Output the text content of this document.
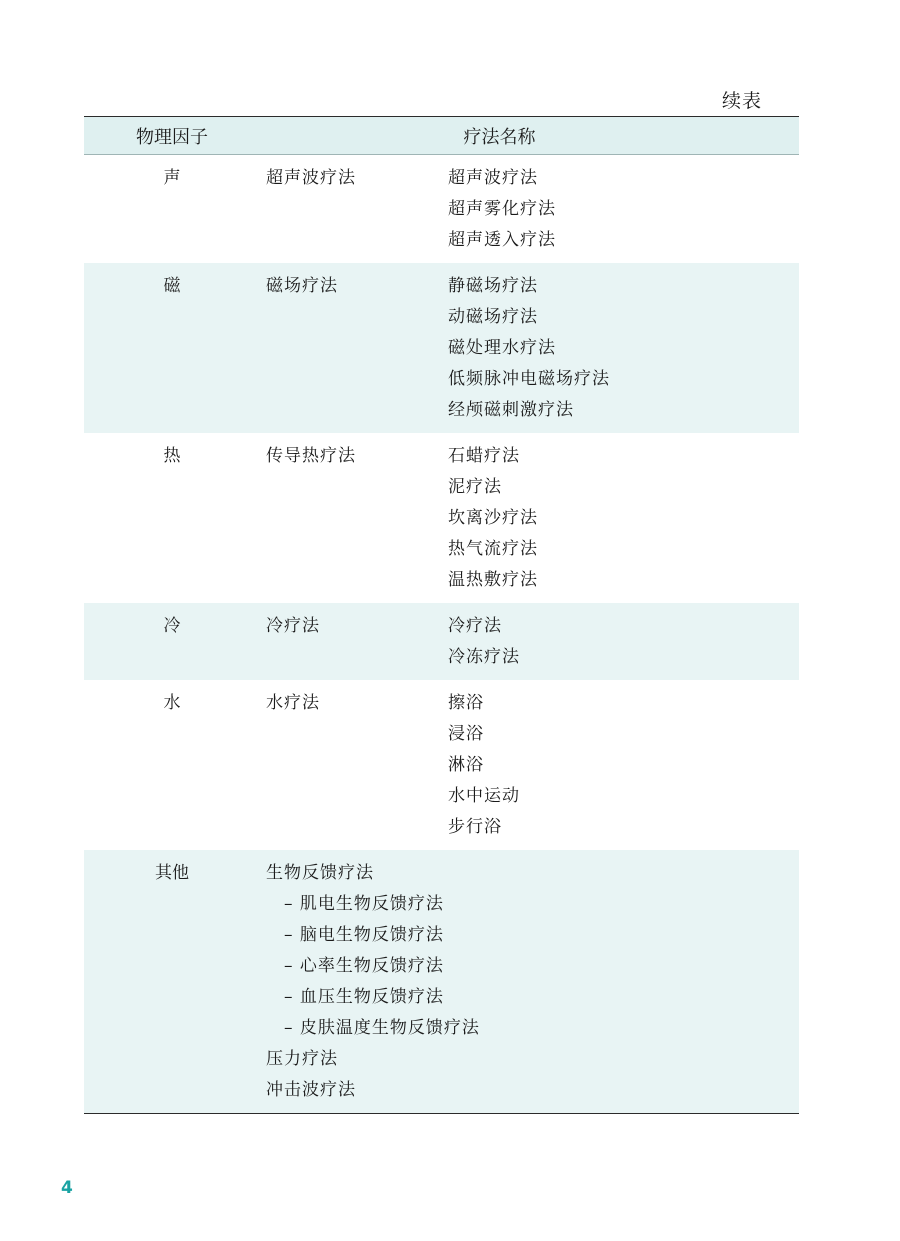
续表
物理因子	疗法名称
声	超声波疗法	超声波疗法
超声雾化疗法
超声透入疗法
磁	磁场疗法	静磁场疗法
动磁场疗法
磁处理水疗法
低频脉冲电磁场疗法
经颅磁刺激疗法
热	传导热疗法	石蜡疗法
泥疗法
坎离沙疗法
热气流疗法
温热敷疗法
冷	冷疗法	冷疗法
冷冻疗法
水	水疗法	擦浴
浸浴
淋浴
水中运动
步行浴
其他	生物反馈疗法
– 肌电生物反馈疗法
– 脑电生物反馈疗法
– 心率生物反馈疗法
– 血压生物反馈疗法
– 皮肤温度生物反馈疗法
压力疗法
冲击波疗法
4
